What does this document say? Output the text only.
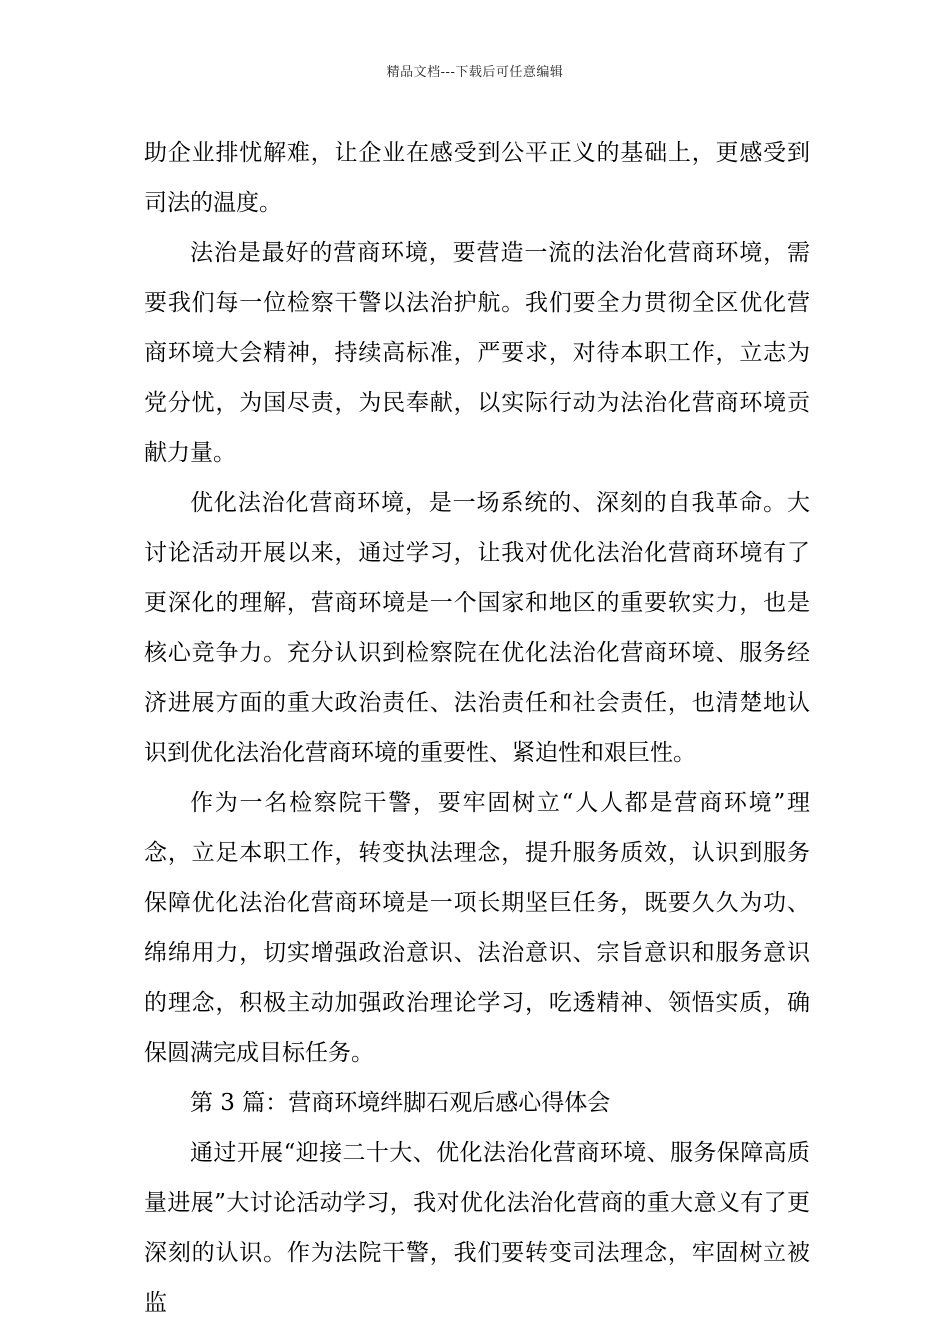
精品文档---下载后可任意编辑

助企业排忧解难，让企业在感受到公平正义的基础上，更感受到司法的温度。

法治是最好的营商环境，要营造一流的法治化营商环境，需要我们每一位检察干警以法治护航。我们要全力贯彻全区优化营商环境大会精神，持续高标准，严要求，对待本职工作，立志为党分忧，为国尽责，为民奉献，以实际行动为法治化营商环境贡献力量。

优化法治化营商环境，是一场系统的、深刻的自我革命。大讨论活动开展以来，通过学习，让我对优化法治化营商环境有了更深化的理解，营商环境是一个国家和地区的重要软实力，也是核心竞争力。充分认识到检察院在优化法治化营商环境、服务经济进展方面的重大政治责任、法治责任和社会责任，也清楚地认识到优化法治化营商环境的重要性、紧迫性和艰巨性。

作为一名检察院干警，要牢固树立“人人都是营商环境”理念，立足本职工作，转变执法理念，提升服务质效，认识到服务保障优化法治化营商环境是一项长期坚巨任务，既要久久为功、绵绵用力，切实增强政治意识、法治意识、宗旨意识和服务意识的理念，积极主动加强政治理论学习，吃透精神、领悟实质，确保圆满完成目标任务。

第 3 篇：营商环境绊脚石观后感心得体会

通过开展“迎接二十大、优化法治化营商环境、服务保障高质量进展”大讨论活动学习，我对优化法治化营商的重大意义有了更深刻的认识。作为法院干警，我们要转变司法理念，牢固树立被监
